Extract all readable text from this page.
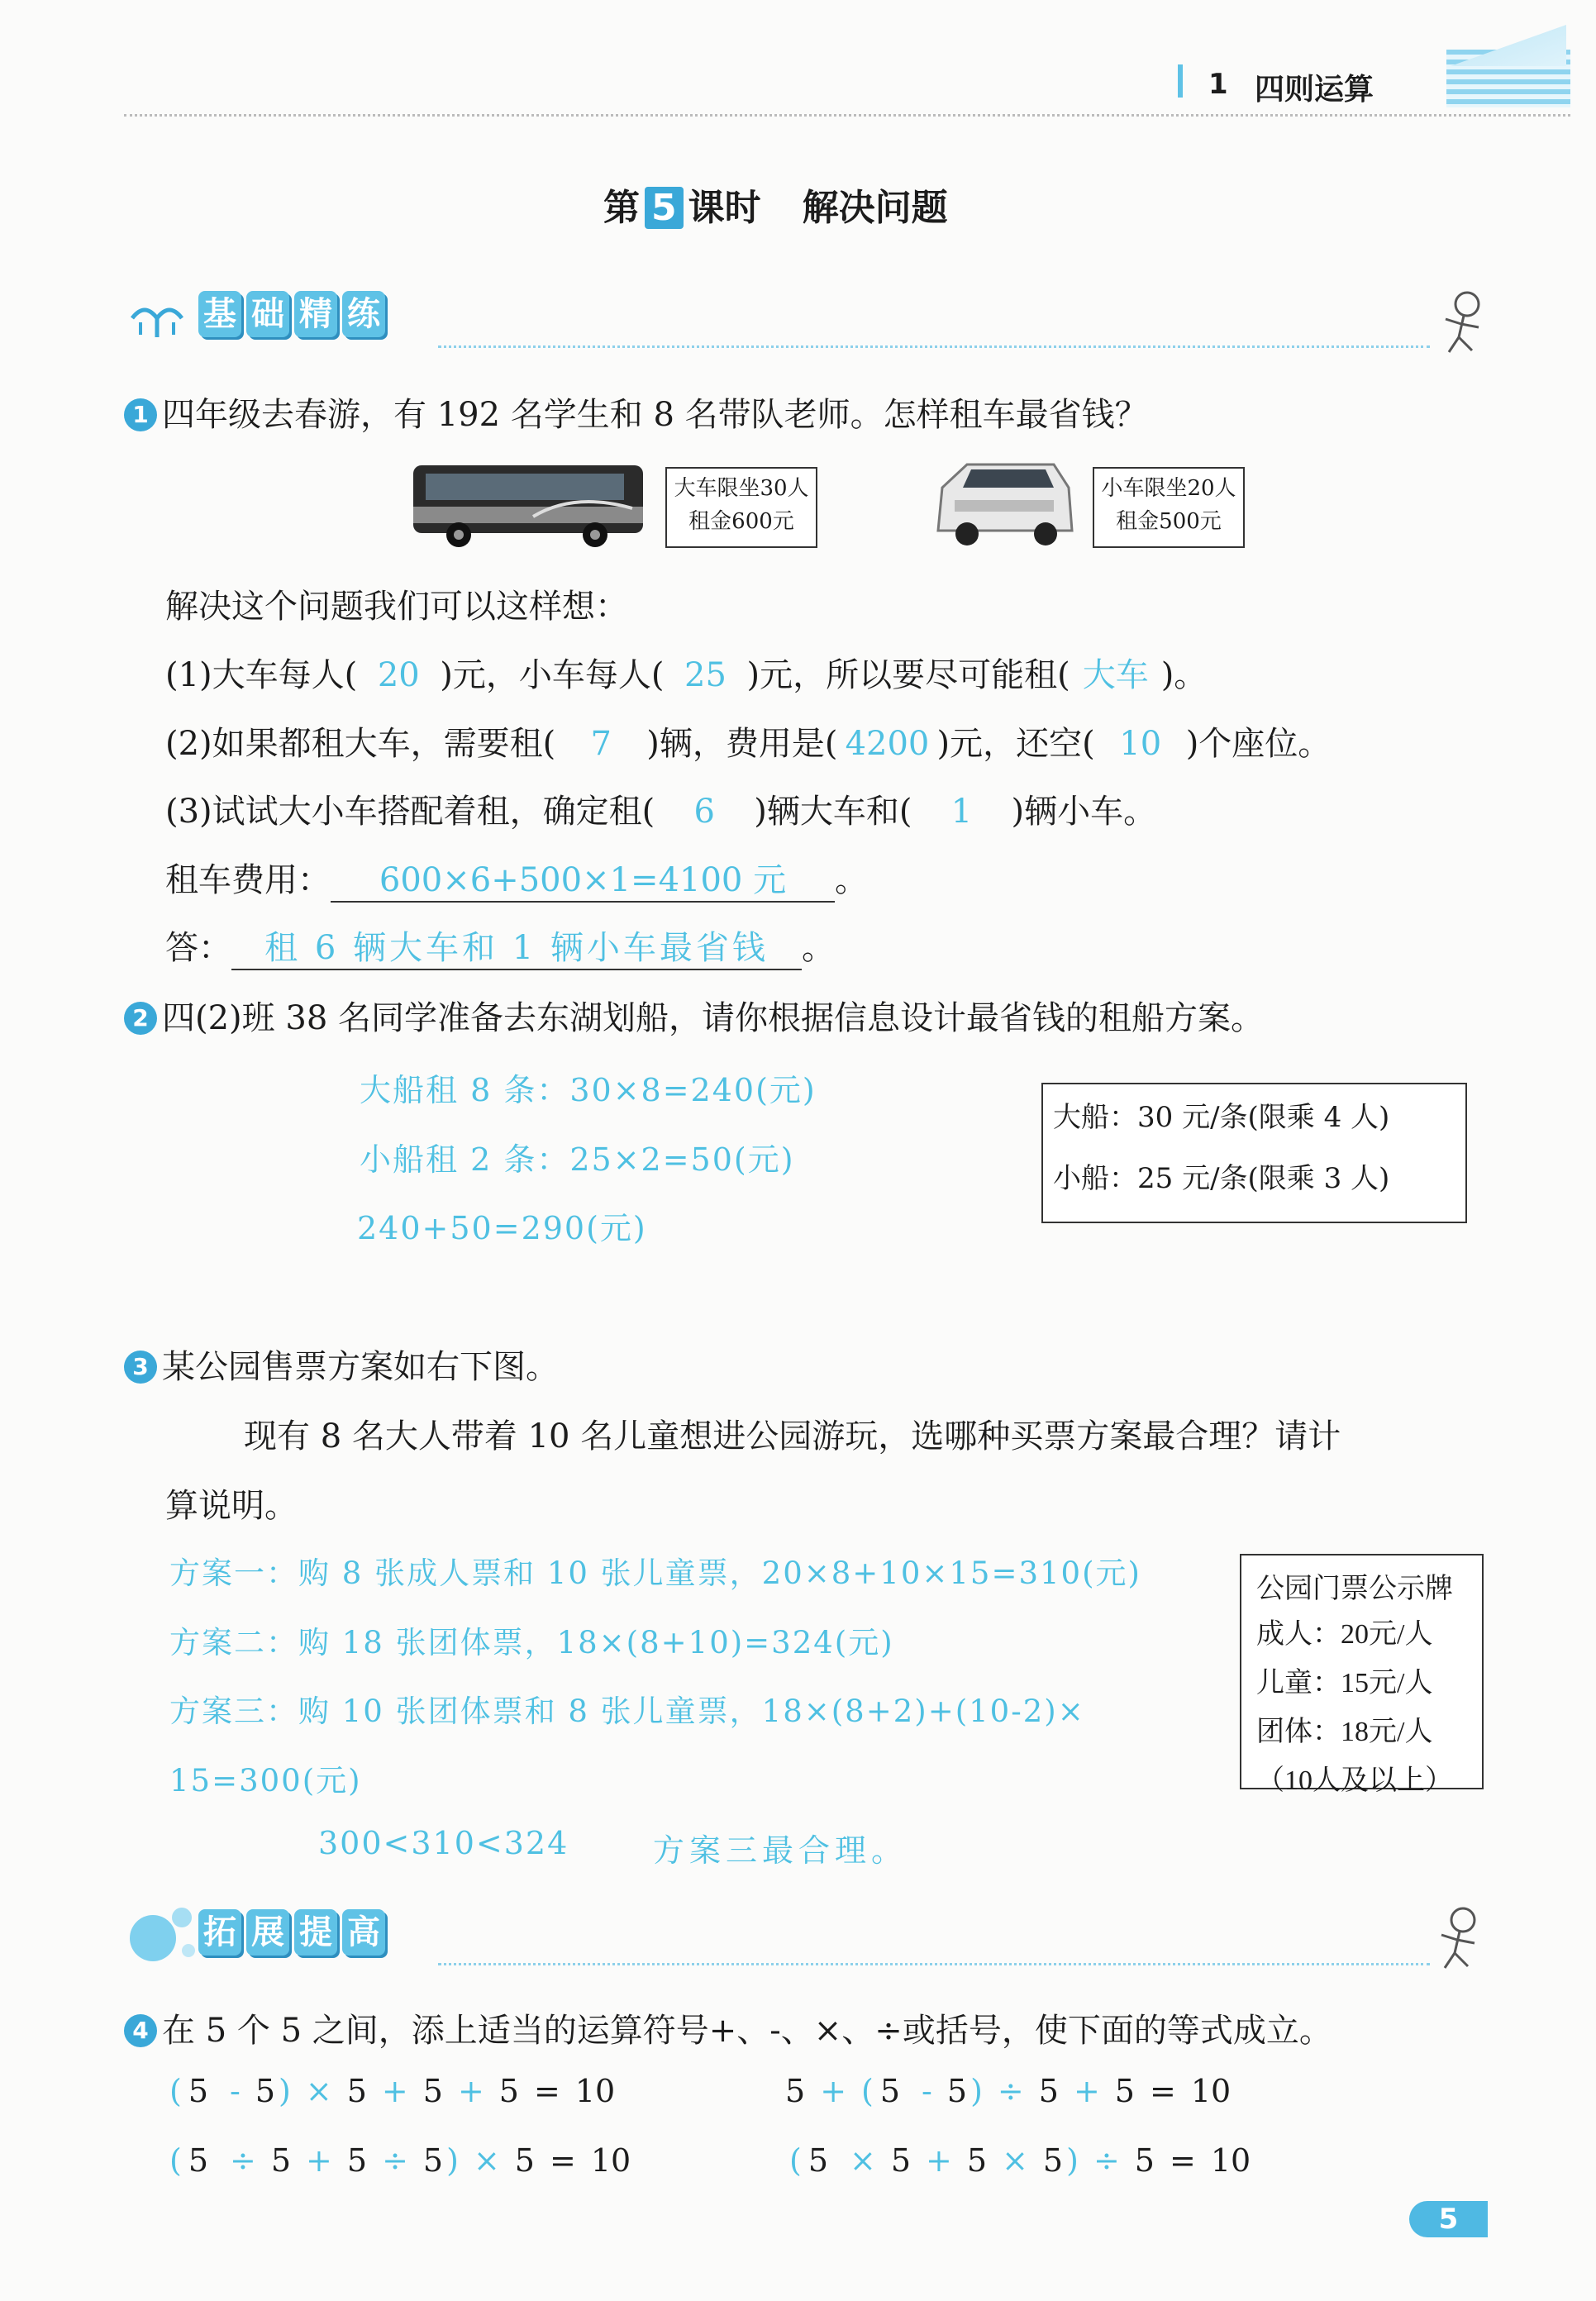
1 四则运算
第 5 课时 解决问题
基 础 精 练
1 四年级去春游，有 192 名学生和 8 名带队老师。怎样租车最省钱？
大车限坐30人
租金600元
小车限坐20人
租金500元
解决这个问题我们可以这样想：
(1)大车每人( 20 )元，小车每人( 25 )元，所以要尽可能租( 大车 )。
(2)如果都租大车，需要租( 7 )辆，费用是( 4200 )元，还空( 10 )个座位。
(3)试试大小车搭配着租，确定租( 6 )辆大车和( 1 )辆小车。
租车费用： 600×6+500×1=4100 元 。
答： 租 6 辆大车和 1 辆小车最省钱 。
2 四(2)班 38 名同学准备去东湖划船，请你根据信息设计最省钱的租船方案。
大船租 8 条：30×8=240(元)
小船租 2 条：25×2=50(元)
240+50=290(元)
大船：30 元/条(限乘 4 人)
小船：25 元/条(限乘 3 人)
3 某公园售票方案如右下图。
现有 8 名大人带着 10 名儿童想进公园游玩，选哪种买票方案最合理？请计
算说明。
方案一：购 8 张成人票和 10 张儿童票，20×8+10×15=310(元)
方案二：购 18 张团体票，18×(8+10)=324(元)
方案三：购 10 张团体票和 8 张儿童票，18×(8+2)+(10-2)×
15=300(元)
300<310<324	方案三最合理。
公园门票公示牌
成人：20元/人
儿童：15元/人
团体：18元/人
（10人及以上）
拓 展 提 高
4 在 5 个 5 之间，添上适当的运算符号+、-、×、÷或括号，使下面的等式成立。
( 5 - 5 ) × 5 + 5 + 5 = 10	5 + ( 5 - 5 ) ÷ 5 + 5 = 10
( 5 ÷ 5 + 5 ÷ 5 ) × 5 = 10	( 5 × 5 + 5 × 5 ) ÷ 5 = 10
5
